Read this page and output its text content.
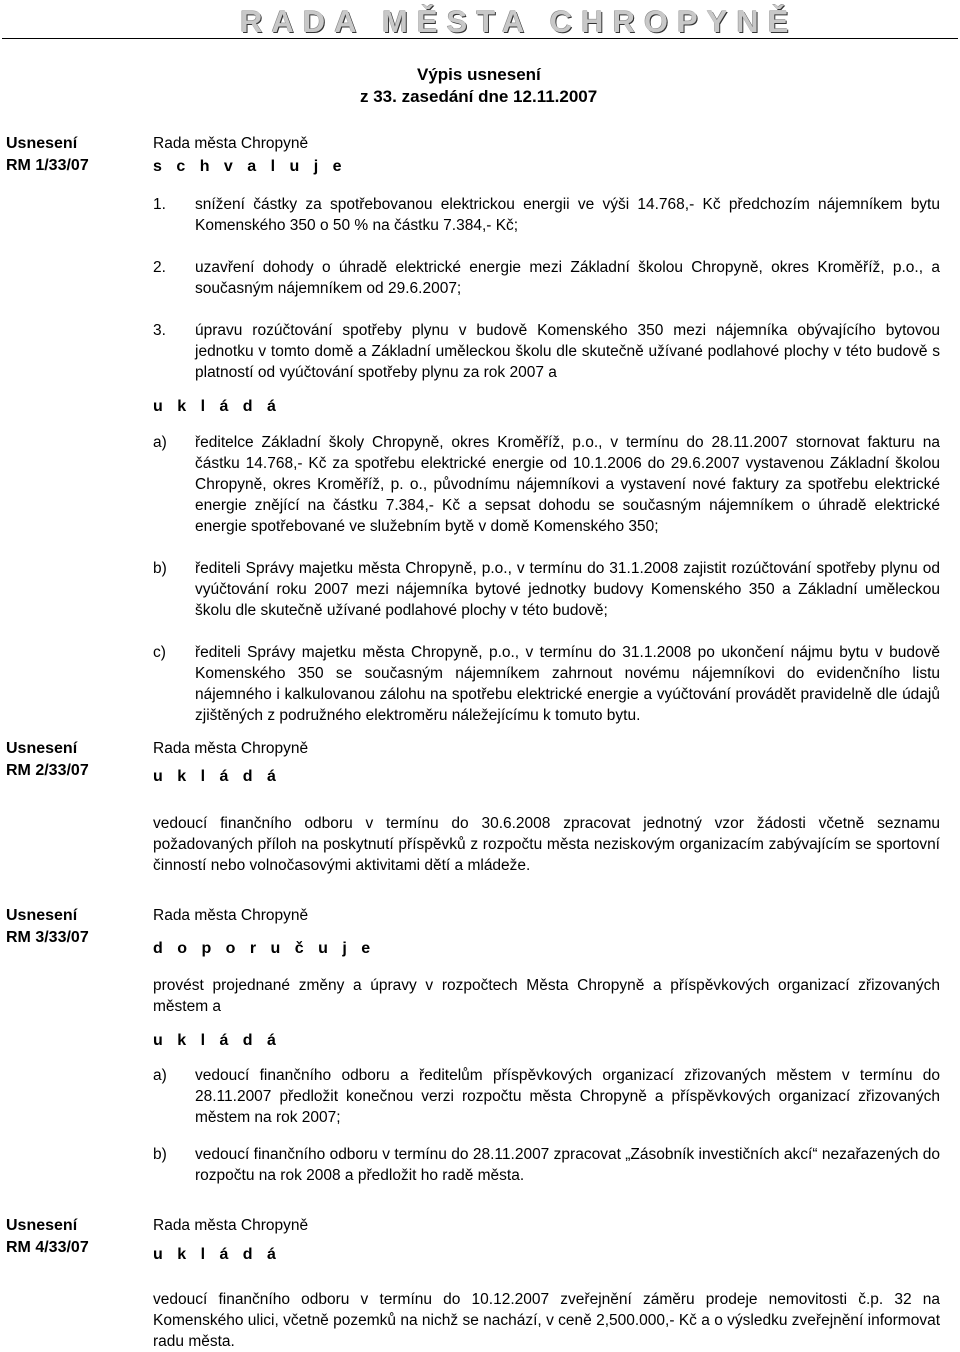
RADA MĚSTA CHROPYNĚ
Výpis usnesení
z 33. zasedání dne 12.11.2007
Usnesení
RM 1/33/07
Rada města Chropyně
s c h v a l u j e
1. snížení částky za spotřebovanou elektrickou energii ve výši 14.768,- Kč předchozím nájemníkem bytu Komenského 350 o 50 % na částku 7.384,- Kč;
2. uzavření dohody o úhradě elektrické energie mezi Základní školou Chropyně, okres Kroměříž, p.o., a současným nájemníkem od 29.6.2007;
3. úpravu rozúčtování spotřeby plynu v budově Komenského 350 mezi nájemníka obývajícího bytovou jednotku v tomto domě a Základní uměleckou školu dle skutečně užívané podlahové plochy v této budově s platností od vyúčtování spotřeby plynu za rok 2007 a
u k l á d á
a) ředitelce Základní školy Chropyně, okres Kroměříž, p.o., v termínu do 28.11.2007 stornovat fakturu na částku 14.768,- Kč za spotřebu elektrické energie od 10.1.2006 do 29.6.2007 vystavenou Základní školou Chropyně, okres Kroměříž, p. o., původnímu nájemníkovi a vystavení nové faktury za spotřebu elektrické energie znějící na částku 7.384,- Kč a sepsat dohodu se současným nájemníkem o úhradě elektrické energie spotřebované ve služebním bytě v domě Komenského 350;
b) řediteli Správy majetku města Chropyně, p.o., v termínu do 31.1.2008 zajistit rozúčtování spotřeby plynu od vyúčtování roku 2007 mezi nájemníka bytové jednotky budovy Komenského 350 a Základní uměleckou školu dle skutečně užívané podlahové plochy v této budově;
c) řediteli Správy majetku města Chropyně, p.o., v termínu do 31.1.2008 po ukončení nájmu bytu v budově Komenského 350 se současným nájemníkem zahrnout novému nájemníkovi do evidenčního listu nájemného i kalkulovanou zálohu na spotřebu elektrické energie a vyúčtování provádět pravidelně dle údajů zjištěných z podružného elektroměru náležejícímu k tomuto bytu.
Usnesení
RM 2/33/07
Rada města Chropyně
u k l á d á

vedoucí finančního odboru v termínu do 30.6.2008 zpracovat jednotný vzor žádosti včetně seznamu požadovaných příloh na poskytnutí příspěvků z rozpočtu města neziskovým organizacím zabývajícím se sportovní činností nebo volnočasovými aktivitami dětí a mládeže.

Usnesení
RM 3/33/07
Rada města Chropyně
d o p o r u č u j e

provést projednané změny a úpravy v rozpočtech Města Chropyně a příspěvkových organizací zřizovaných městem a

u k l á d á
a) vedoucí finančního odboru a ředitelům příspěvkových organizací zřizovaných městem v termínu do 28.11.2007 předložit konečnou verzi rozpočtu města Chropyně a příspěvkových organizací zřizovaných městem na rok 2007;
b) vedoucí finančního odboru v termínu do 28.11.2007 zpracovat „Zásobník investičních akcí“ nezařazených do rozpočtu na rok 2008 a předložit ho radě města.
Usnesení
RM 4/33/07
Rada města Chropyně
u k l á d á

vedoucí finančního odboru v termínu do 10.12.2007 zveřejnění záměru prodeje nemovitosti č.p. 32 na Komenského ulici, včetně pozemků na nichž se nachází, v ceně 2,500.000,- Kč a o výsledku zveřejnění informovat radu města.
